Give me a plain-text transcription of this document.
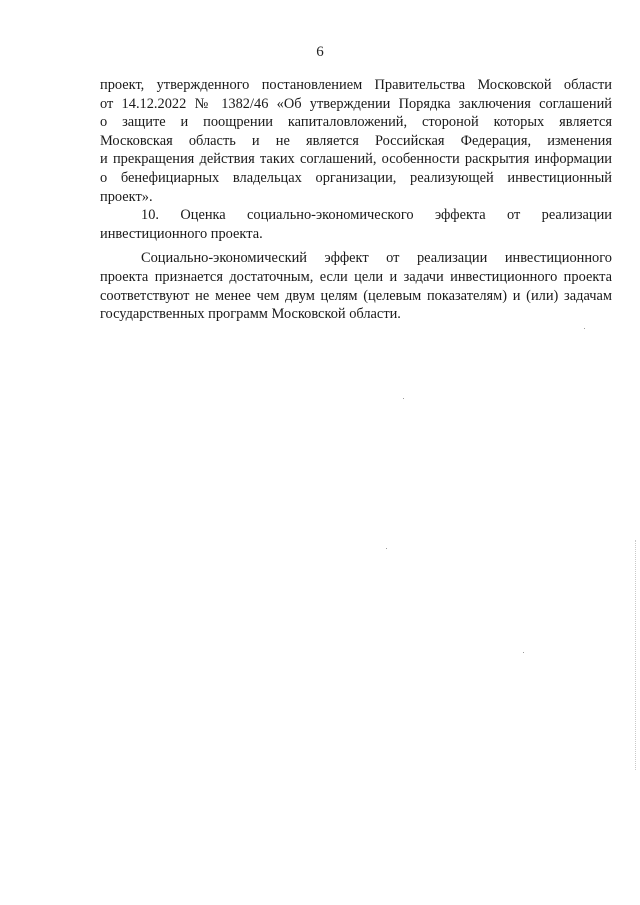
6
проект, утвержденного постановлением Правительства Московской области
от 14.12.2022 № 1382/46 «Об утверждении Порядка заключения соглашений
о защите и поощрении капиталовложений, стороной которых является
Московская область и не является Российская Федерация, изменения
и прекращения действия таких соглашений, особенности раскрытия информации
о бенефициарных владельцах организации, реализующей инвестиционный
проект».
10. Оценка социально-экономического эффекта от реализации
инвестиционного проекта.
Социально-экономический эффект от реализации инвестиционного
проекта признается достаточным, если цели и задачи инвестиционного проекта
соответствуют не менее чем двум целям (целевым показателям) и (или) задачам
государственных программ Московской области.
